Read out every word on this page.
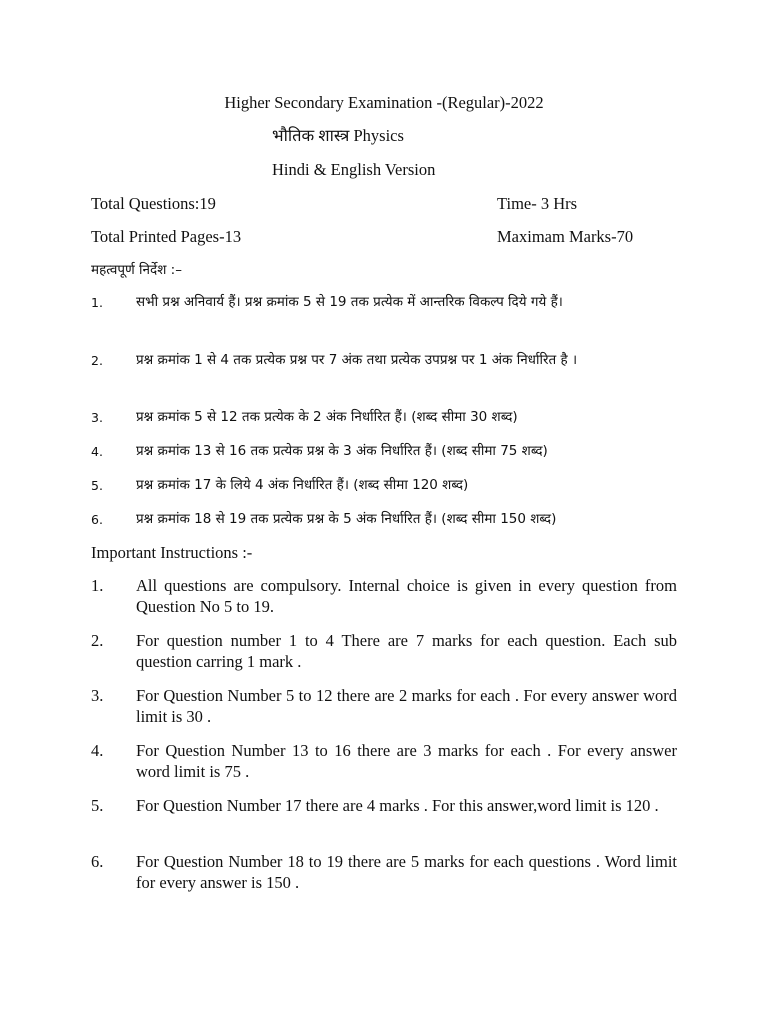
Higher Secondary Examination -(Regular)-2022
भौतिक शास्त्र Physics
Hindi & English Version
Total Questions:19	Time- 3 Hrs
Total Printed Pages-13	Maximam Marks-70
महत्वपूर्ण निर्देश :–
1. सभी प्रश्न अनिवार्य हैं। प्रश्न क्रमांक 5 से 19 तक प्रत्येक में आन्तरिक विकल्प दिये गये हैं।
2. प्रश्न क्रमांक 1 से 4 तक प्रत्येक प्रश्न पर 7 अंक तथा प्रत्येक उपप्रश्न पर 1 अंक निर्धारित है ।
3. प्रश्न क्रमांक 5 से 12 तक प्रत्येक के 2 अंक निर्धारित हैं। (शब्द सीमा 30 शब्द)
4. प्रश्न क्रमांक 13 से 16 तक प्रत्येक प्रश्न के 3 अंक निर्धारित हैं। (शब्द सीमा 75 शब्द)
5. प्रश्न क्रमांक 17 के लिये 4 अंक निर्धारित हैं। (शब्द सीमा 120 शब्द)
6. प्रश्न क्रमांक 18 से 19 तक प्रत्येक प्रश्न के 5 अंक निर्धारित हैं। (शब्द सीमा 150 शब्द)
Important Instructions :-
1. All questions are compulsory. Internal choice is given in every question from Question No 5 to 19.
2. For question number 1 to 4 There are 7 marks for each question. Each sub question carring 1 mark .
3. For Question Number 5 to 12 there are 2 marks for each . For every answer word limit is 30 .
4. For Question Number 13 to 16 there are 3 marks for each . For every answer word limit is 75 .
5. For Question Number 17 there are 4 marks . For this answer,word limit is 120 .
6. For Question Number 18 to 19 there are 5 marks for each questions . Word limit for every answer is 150 .
